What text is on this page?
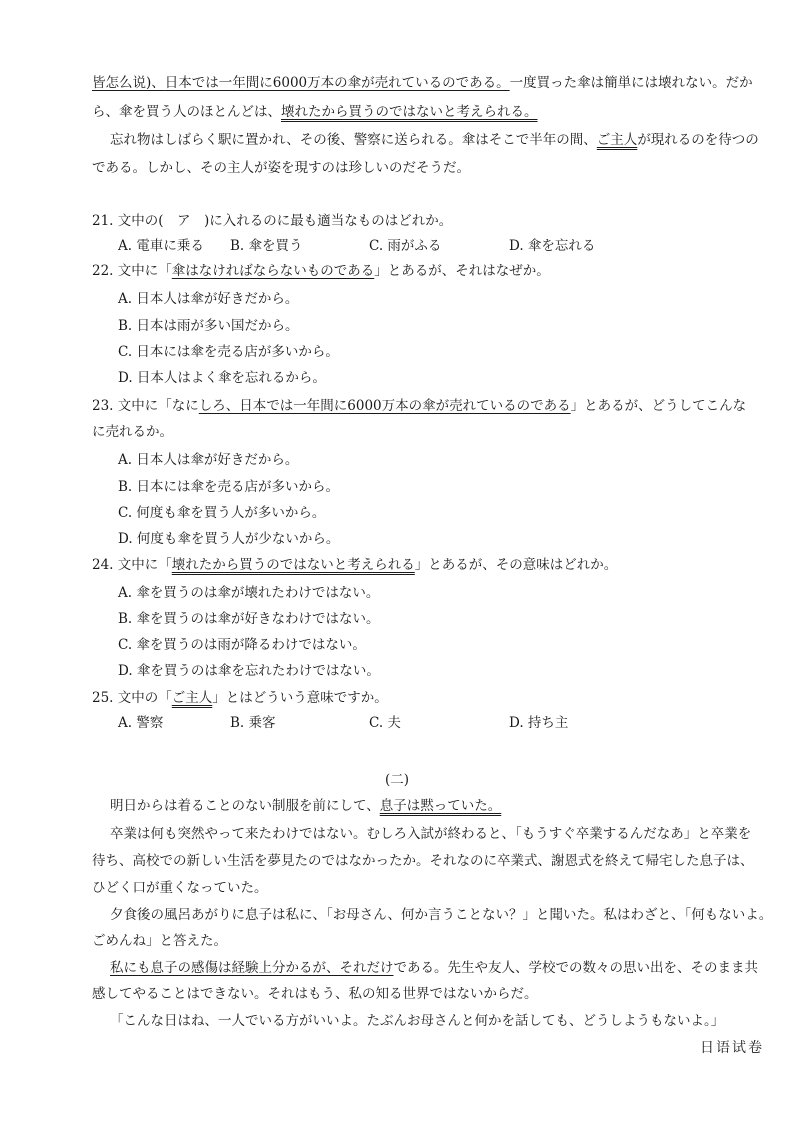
皆怎么说)、日本では一年間に6000万本の傘が売れているのである。一度買った傘は簡単には壊れない。だか
ら、傘を買う人のほとんどは、壊れたから買うのではないと考えられる。
忘れ物はしばらく駅に置かれ、その後、警察に送られる。傘はそこで半年の間、ご主人が現れるのを待つの
である。しかし、その主人が姿を現すのは珍しいのだそうだ。
21. 文中の(　ア　)に入れるのに最も適当なものはどれか。
A. 電車に乗る B. 傘を買う	C. 雨がふる	D. 傘を忘れる
22. 文中に「傘はなければならないものである」とあるが、それはなぜか。
A. 日本人は傘が好きだから。
B. 日本は雨が多い国だから。
C. 日本には傘を売る店が多いから。
D. 日本人はよく傘を忘れるから。
23. 文中に「なにしろ、日本では一年間に6000万本の傘が売れているのである」とあるが、どうしてこんな
に売れるか。
A. 日本人は傘が好きだから。
B. 日本には傘を売る店が多いから。
C. 何度も傘を買う人が多いから。
D. 何度も傘を買う人が少ないから。
24. 文中に「壊れたから買うのではないと考えられる」とあるが、その意味はどれか。
A. 傘を買うのは傘が壊れたわけではない。
B. 傘を買うのは傘が好きなわけではない。
C. 傘を買うのは雨が降るわけではない。
D. 傘を買うのは傘を忘れたわけではない。
25. 文中の「ご主人」とはどういう意味ですか。
A. 警察	B. 乗客	C. 夫	D. 持ち主
(二)
明日からは着ることのない制服を前にして、息子は黙っていた。
卒業は何も突然やって来たわけではない。むしろ入試が終わると、「もうすぐ卒業するんだなあ」と卒業を
待ち、高校での新しい生活を夢見たのではなかったか。それなのに卒業式、謝恩式を終えて帰宅した息子は、
ひどく口が重くなっていた。
夕食後の風呂あがりに息子は私に、「お母さん、何か言うことない？」と聞いた。私はわざと、「何もないよ。
ごめんね」と答えた。
私にも息子の感傷は経験上分かるが、それだけである。先生や友人、学校での数々の思い出を、そのまま共
感してやることはできない。それはもう、私の知る世界ではないからだ。
「こんな日はね、一人でいる方がいいよ。たぶんお母さんと何かを話しても、どうしようもないよ。」
日语试卷
